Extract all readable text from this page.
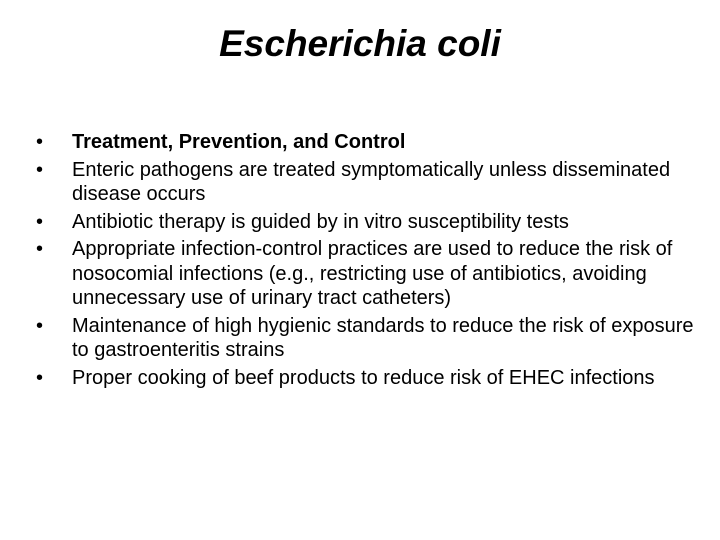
Escherichia coli
•	Treatment, Prevention, and Control
•	Enteric pathogens are treated symptomatically unless disseminated disease occurs
•	Antibiotic therapy is guided by in vitro susceptibility tests
•	Appropriate infection-control practices are used to reduce the risk of nosocomial infections (e.g., restricting use of antibiotics, avoiding unnecessary use of urinary tract catheters)
•	Maintenance of high hygienic standards to reduce the risk of exposure to gastroenteritis strains
•	Proper cooking of beef products to reduce risk of EHEC infections
